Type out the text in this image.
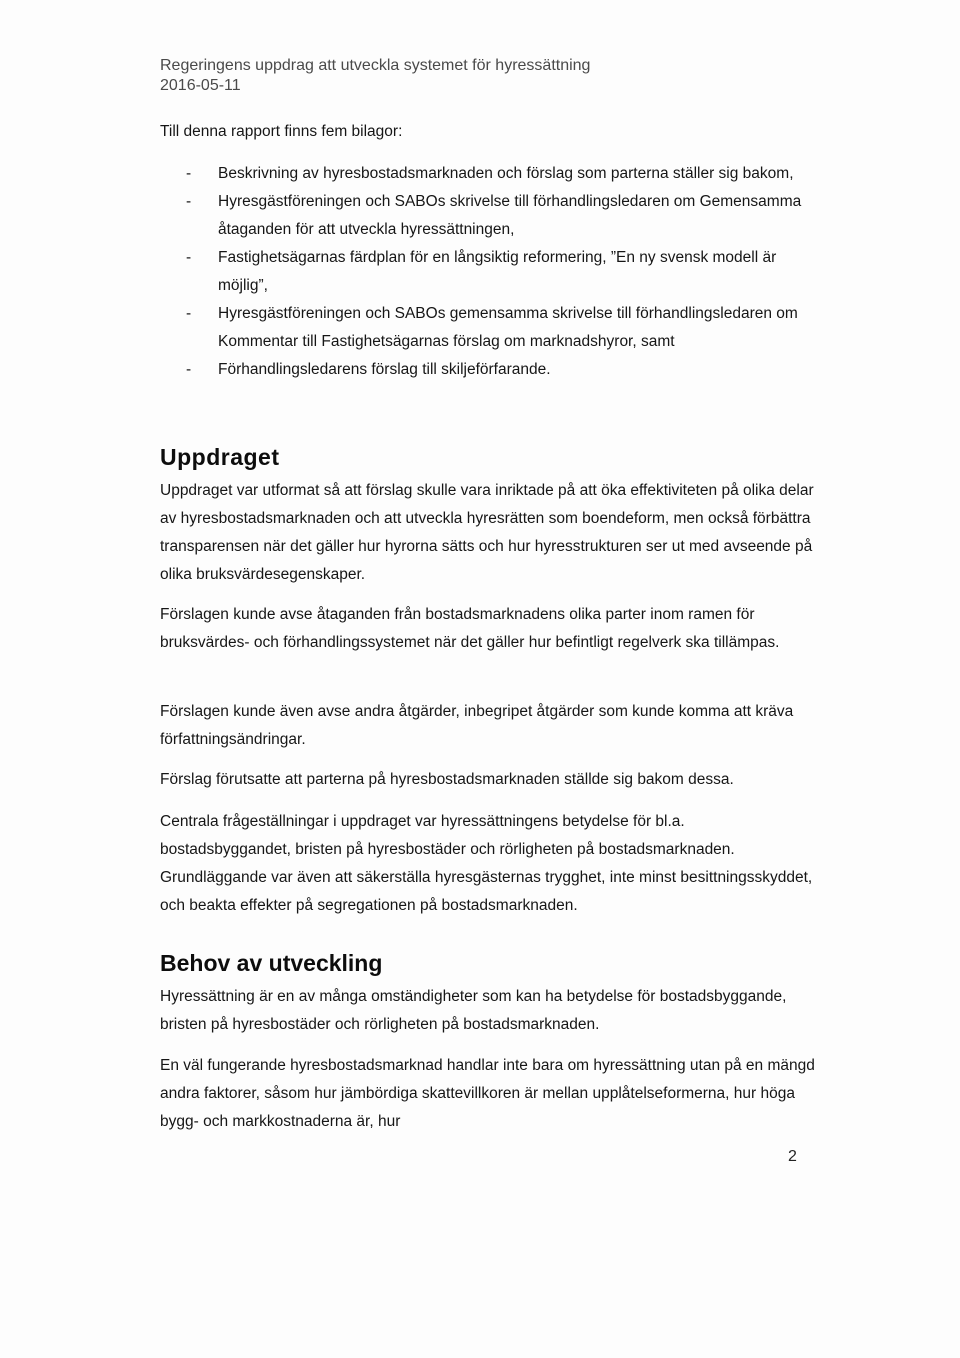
Regeringens uppdrag att utveckla systemet för hyressättning
2016-05-11
Till denna rapport finns fem bilagor:
- Beskrivning av hyresbostadsmarknaden och förslag som parterna ställer sig bakom,
- Hyresgästföreningen och SABOs skrivelse till förhandlingsledaren om Gemensamma åtaganden för att utveckla hyressättningen,
- Fastighetsägarnas färdplan för en långsiktig reformering, ”En ny svensk modell är möjlig”,
- Hyresgästföreningen och SABOs gemensamma skrivelse till förhandlingsledaren om Kommentar till Fastighetsägarnas förslag om marknadshyror, samt
- Förhandlingsledarens förslag till skiljeförfarande.
Uppdraget
Uppdraget var utformat så att förslag skulle vara inriktade på att öka effektiviteten på olika delar av hyresbostadsmarknaden och att utveckla hyresrätten som boendeform, men också förbättra transparensen när det gäller hur hyrorna sätts och hur hyresstrukturen ser ut med avseende på olika bruksvärdesegenskaper.
Förslagen kunde avse åtaganden från bostadsmarknadens olika parter inom ramen för bruksvärdes- och förhandlingssystemet när det gäller hur befintligt regelverk ska tillämpas.
Förslagen kunde även avse andra åtgärder, inbegripet åtgärder som kunde komma att kräva författningsändringar.
Förslag förutsatte att parterna på hyresbostadsmarknaden ställde sig bakom dessa.
Centrala frågeställningar i uppdraget var hyressättningens betydelse för bl.a. bostadsbyggandet, bristen på hyresbostäder och rörligheten på bostadsmarknaden. Grundläggande var även att säkerställa hyresgästernas trygghet, inte minst besittningsskyddet, och beakta effekter på segregationen på bostadsmarknaden.
Behov av utveckling
Hyressättning är en av många omständigheter som kan ha betydelse för bostadsbyggande, bristen på hyresbostäder och rörligheten på bostadsmarknaden.
En väl fungerande hyresbostadsmarknad handlar inte bara om hyressättning utan på en mängd andra faktorer, såsom hur jämbördiga skattevillkoren är mellan upplåtelseformerna, hur höga bygg- och markkostnaderna är, hur
2
